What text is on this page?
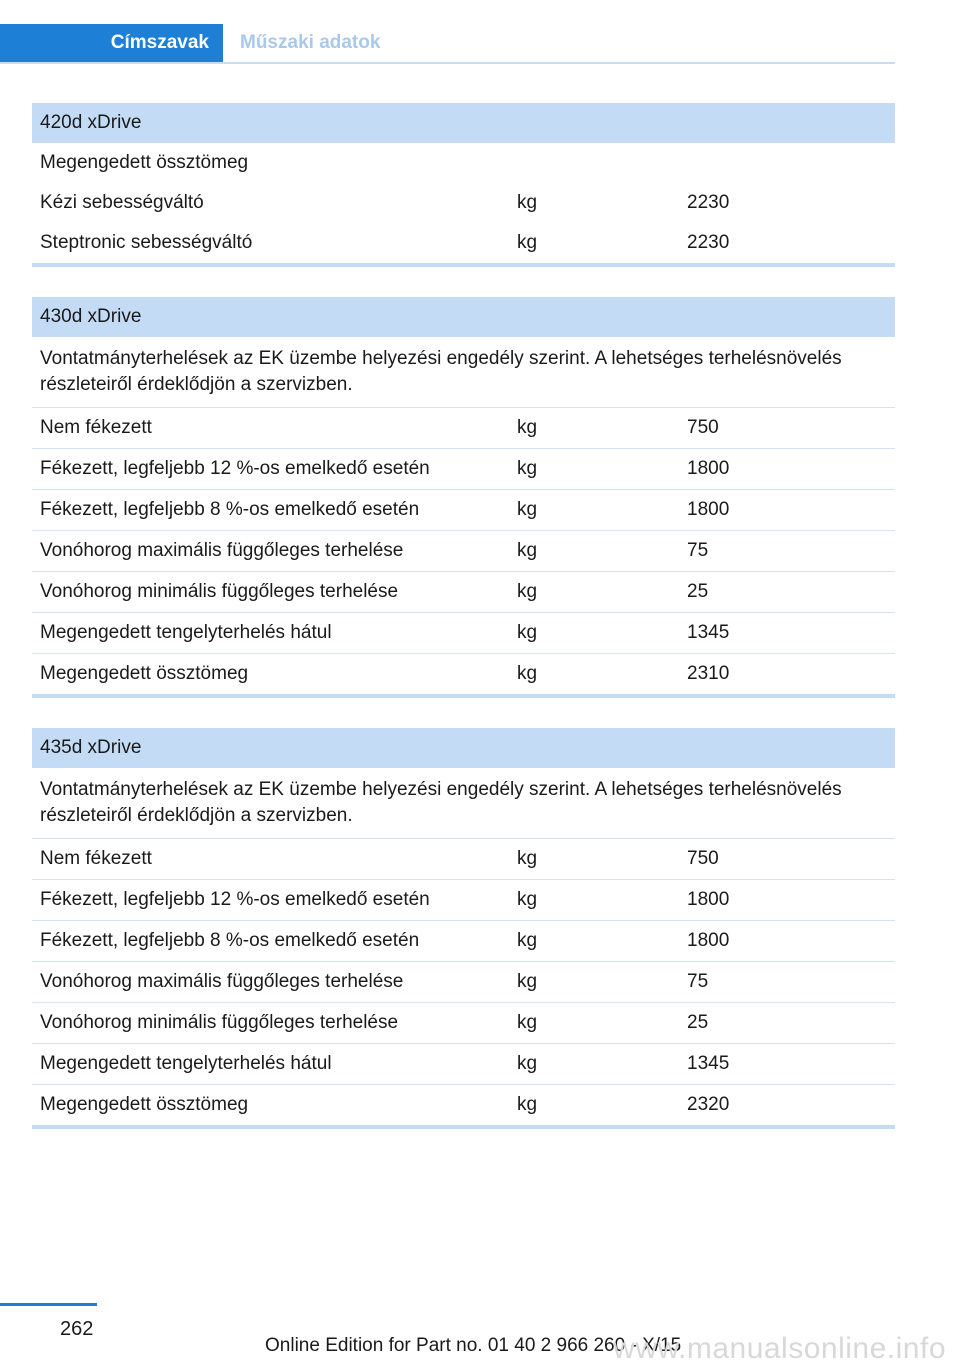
Címszavak	Műszaki adatok
420d xDrive
Megengedett össztömeg
Kézi sebességváltó	kg	2230
Steptronic sebességváltó	kg	2230
430d xDrive
Vontatmányterhelések az EK üzembe helyezési engedély szerint. A lehetséges terhelésnövelés részleteiről érdeklődjön a szervizben.
Nem fékezett	kg	750
Fékezett, legfeljebb 12 %-os emelkedő esetén	kg	1800
Fékezett, legfeljebb 8 %-os emelkedő esetén	kg	1800
Vonóhorog maximális függőleges terhelése	kg	75
Vonóhorog minimális függőleges terhelése	kg	25
Megengedett tengelyterhelés hátul	kg	1345
Megengedett össztömeg	kg	2310
435d xDrive
Vontatmányterhelések az EK üzembe helyezési engedély szerint. A lehetséges terhelésnövelés részleteiről érdeklődjön a szervizben.
Nem fékezett	kg	750
Fékezett, legfeljebb 12 %-os emelkedő esetén	kg	1800
Fékezett, legfeljebb 8 %-os emelkedő esetén	kg	1800
Vonóhorog maximális függőleges terhelése	kg	75
Vonóhorog minimális függőleges terhelése	kg	25
Megengedett tengelyterhelés hátul	kg	1345
Megengedett össztömeg	kg	2320
262
Online Edition for Part no. 01 40 2 966 260 - X/15
www.manualsonline.info
